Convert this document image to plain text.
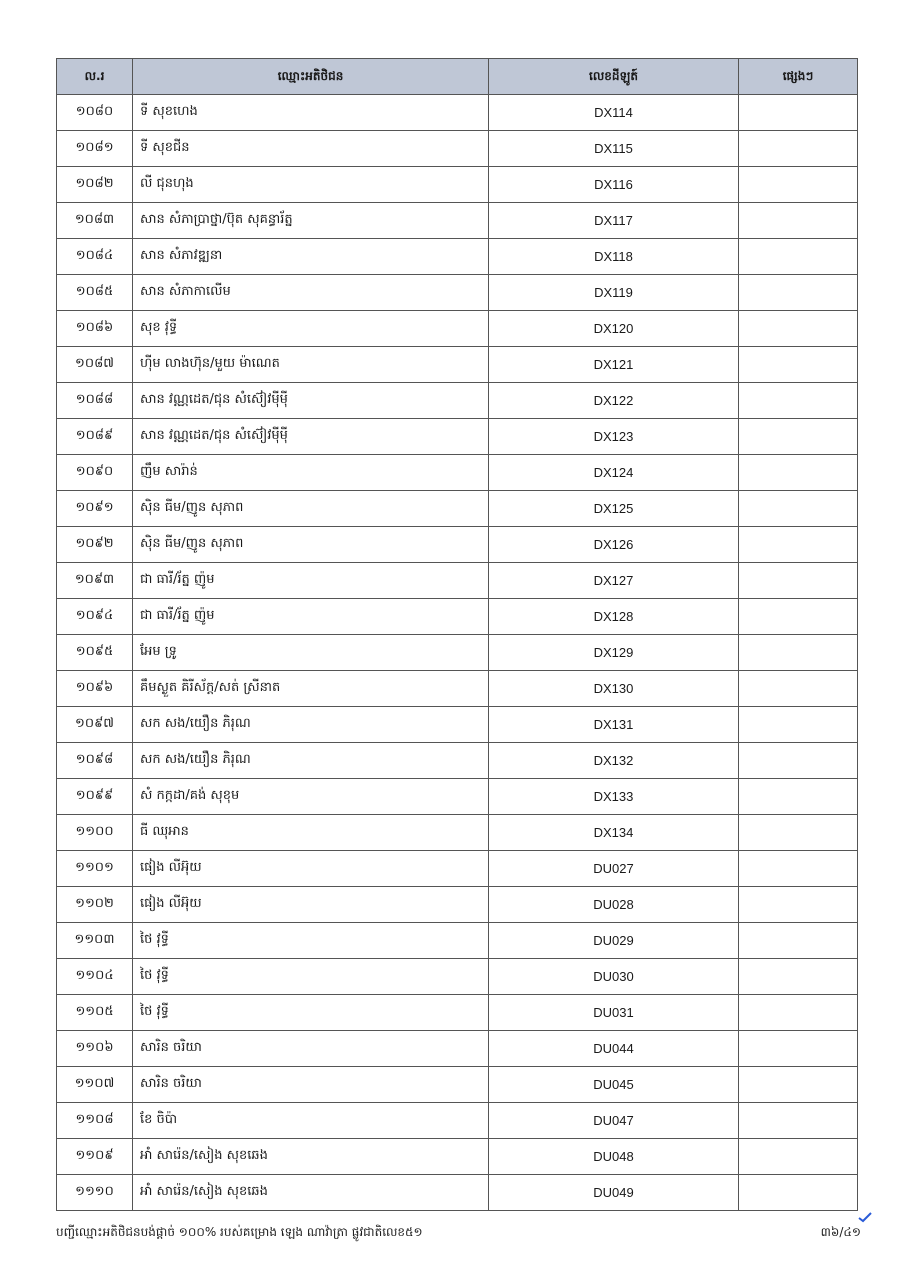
ល.រ	ឈ្មោះអតិថិជន	លេខដីឡូត៍	ផ្សេងៗ
១០៨០	ទី សុខហេង	DX114	
១០៨១	ទី សុខជីន	DX115	
១០៨២	លី ជុនហុង	DX116	
១០៨៣	សាន សំភាប្រាថ្នា/ប៊ុត សុគន្ធារ័ត្ន	DX117	
១០៨៤	សាន សំភាវឌ្ឍនា	DX118	
១០៨៥	សាន សំភាកាលើម	DX119	
១០៨៦	សុខ វុទ្ធី	DX120	
១០៨៧	ហ៊ីម លាងហ៊ុន/មួយ ម៉ាណេត	DX121	
១០៨៨	សាន វណ្ណដេត/ជុន សំស៊ៀវម៉ីម៉ី	DX122	
១០៨៩	សាន វណ្ណដេត/ជុន សំស៊ៀវម៉ីម៉ី	DX123	
១០៩០	ញឹម សារ៉ាន់	DX124	
១០៩១	ស៊ិន ធីម/ញូន សុភាព	DX125	
១០៩២	ស៊ិន ធីម/ញូន សុភាព	DX126	
១០៩៣	ជា ធារី/រ័ត្ន ញ៉ូម	DX127	
១០៩៤	ជា ធារី/រ័ត្ន ញ៉ូម	DX128	
១០៩៥	អែម ទ្រូ	DX129	
១០៩៦	គឹមស្ងួត គិរីស័ក្ត/សត់ ស្រីនាត	DX130	
១០៩៧	សក សង/យឿន ភិរុណ	DX131	
១០៩៨	សក សង/យឿន ភិរុណ	DX132	
១០៩៩	សំ កក្កដា/គង់ សុខុម	DX133	
១១០០	ធី ឈុអាន	DX134	
១១០១	ផៀង លីអ៊ុយ	DU027	
១១០២	ផៀង លីអ៊ុយ	DU028	
១១០៣	ថៃ វុទ្ធី	DU029	
១១០៤	ថៃ វុទ្ធី	DU030	
១១០៥	ថៃ វុទ្ធី	DU031	
១១០៦	សារិន ចរិយា	DU044	
១១០៧	សារិន ចរិយា	DU045	
១១០៨	ខែ ចិប៉ា	DU047	
១១០៩	អាំ សារ៉េន/សៀង សុខឆេង	DU048	
១១១០	អាំ សារ៉េន/សៀង សុខឆេង	DU049	
បញ្ជីឈ្មោះអតិថិជនបង់ផ្តាច់ ១០០% របស់គម្រោង ឡេង ណាវ៉ាត្រា ផ្លូវជាតិលេខ៥១	៣៦/៤១
